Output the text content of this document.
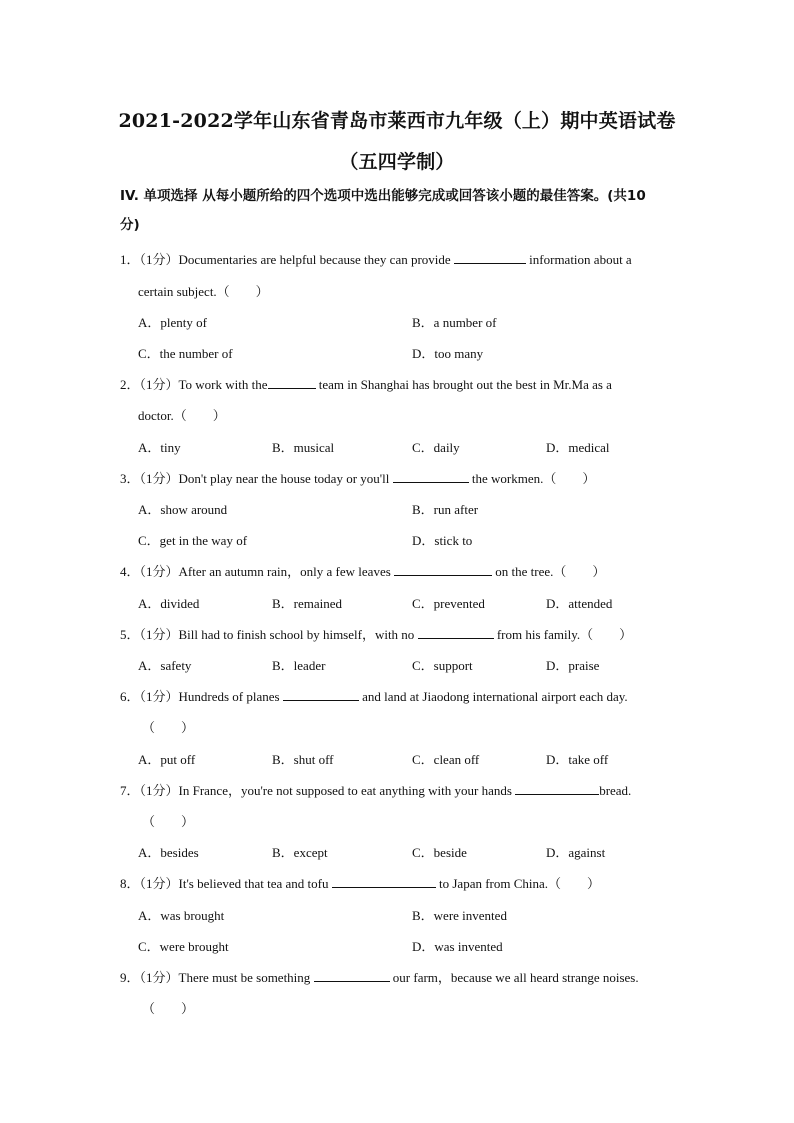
2021-2022学年山东省青岛市莱西市九年级（上）期中英语试卷
（五四学制）
IV. 单项选择 从每小题所给的四个选项中选出能够完成或回答该小题的最佳答案。(共10
分)
1．（1分）Documentaries are helpful because they can provide	information about a
certain subject.（　　）
A．plenty of	B．a number of
C．the number of	D．too many
2．（1分）To work with the	team in Shanghai has brought out the best in Mr.Ma as a
doctor.（　　）
A．tiny	B．musical	C．daily	D．medical
3．（1分）Don't play near the house today or you'll	the workmen.（　　）
A．show around	B．run after
C．get in the way of	D．stick to
4．（1分）After an autumn rain，only a few leaves	on the tree.（　　）
A．divided	B．remained	C．prevented	D．attended
5．（1分）Bill had to finish school by himself，with no	from his family.（　　）
A．safety	B．leader	C．support	D．praise
6．（1分）Hundreds of planes	and land at Jiaodong international airport each day.
（　　）
A．put off	B．shut off	C．clean off	D．take off
7．（1分）In France，you're not supposed to eat anything with your hands	bread.
（　　）
A．besides	B．except	C．beside	D．against
8．（1分）It's believed that tea and tofu	to Japan from China.（　　）
A．was brought	B．were invented
C．were brought	D．was invented
9．（1分）There must be something	our farm，because we all heard strange noises.
（　　）
